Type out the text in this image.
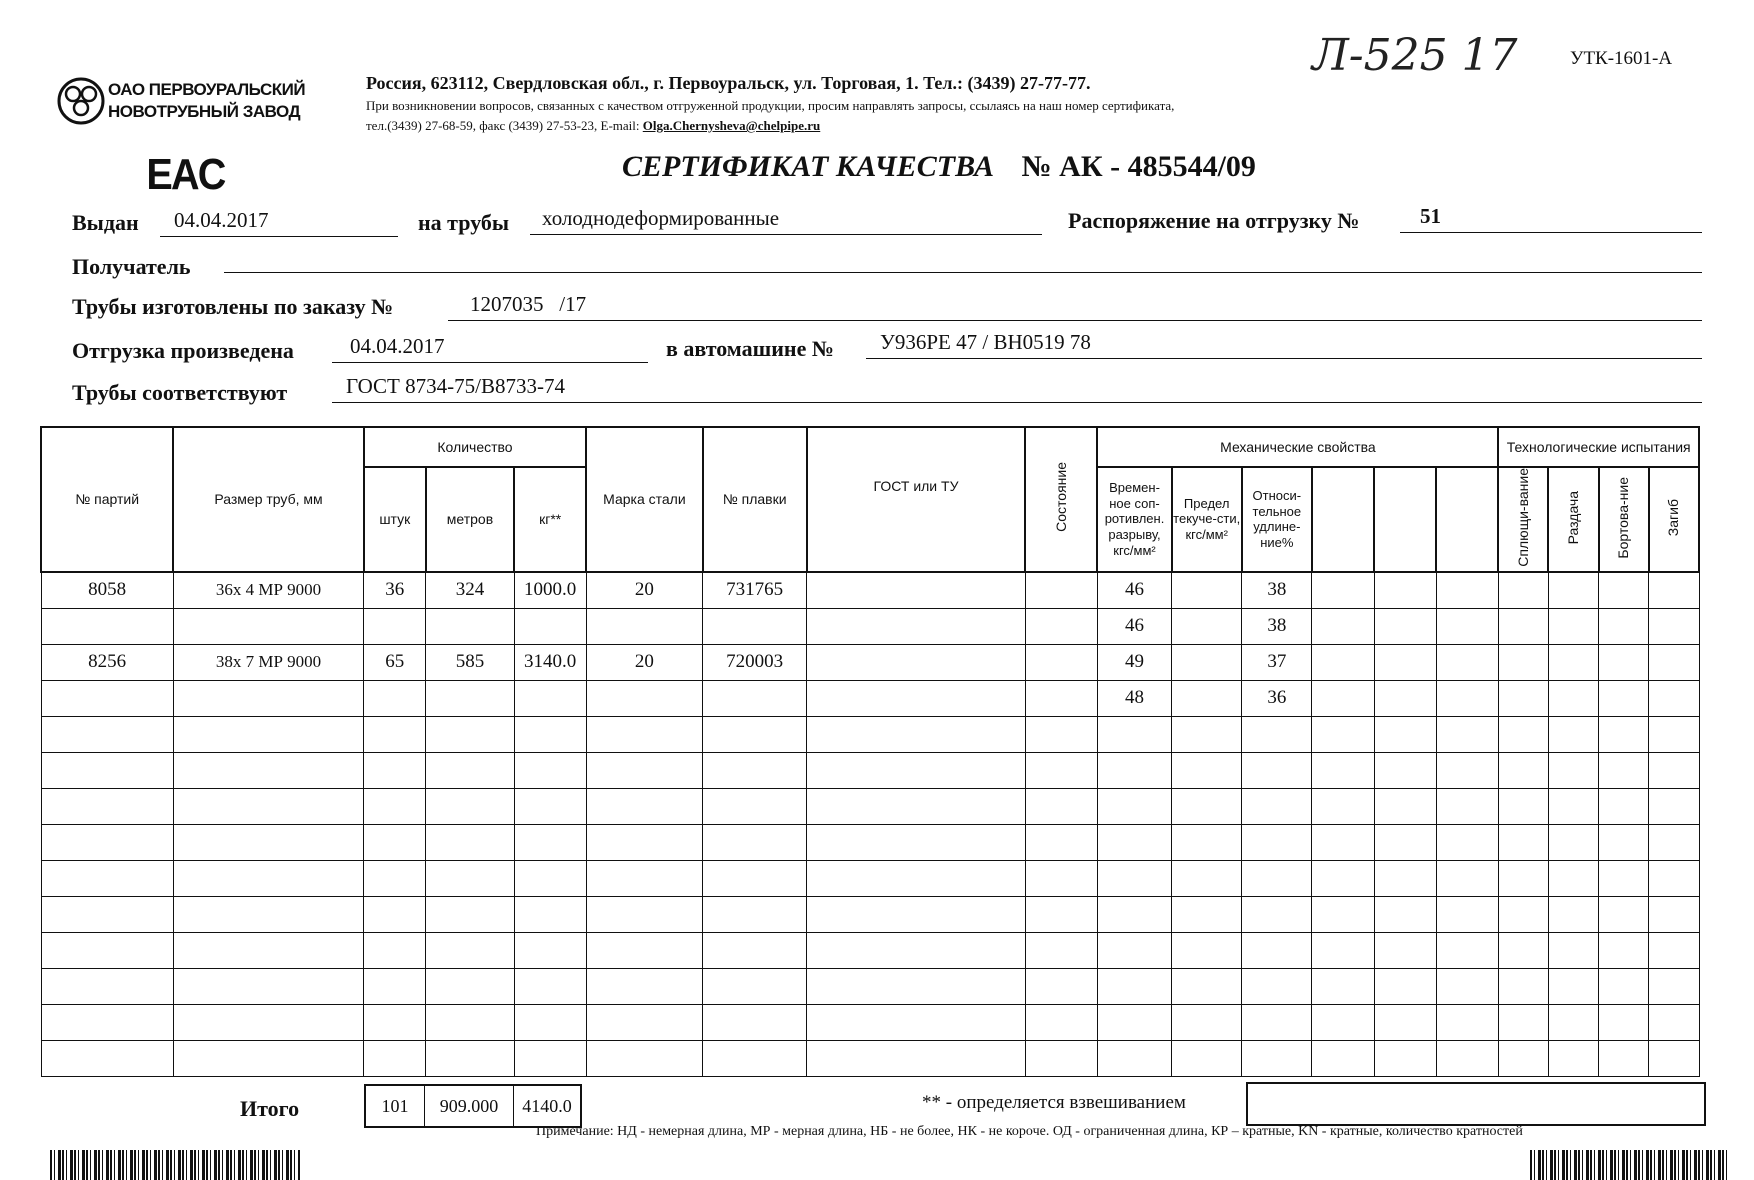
ОАО ПЕРВОУРАЛЬСКИЙ
НОВОТРУБНЫЙ ЗАВОД
Л-525 17	УТК-1601-А
Россия, 623112, Свердловская обл., г. Первоуральск, ул. Торговая, 1. Тел.: (3439) 27-77-77.
При возникновении вопросов, связанных с качеством отгруженной продукции, просим направлять запросы, ссылаясь на наш номер сертификата,
тел.(3439) 27-68-59, факс (3439) 27-53-23, E-mail: Olga.Chernysheva@chelpipe.ru
EAC	СЕРТИФИКАТ КАЧЕСТВА № АК - 485544/09
Выдан	04.04.2017	на трубы	холоднодеформированные	Распоряжение на отгрузку №	51
Получатель
Трубы изготовлены по заказу №	1207035   /17
Отгрузка произведена	04.04.2017	в автомашине №	У936РЕ 47 / ВН0519 78
Трубы соответствуют	ГОСТ 8734-75/В8733-74
№ партий	Размер труб, мм	Количество			Марка стали	№ плавки	ГОСТ или ТУ	Состояние	Механические свойства						Технологические испытания			
		штук	метров	кг**					Времен-ное соп-ротивлен. разрыву, кгс/мм²	Предел текуче-сти, кгс/мм²	Относи-тельное удлине-ние%				Сплющи-вание	Раздача	Бортова-ние	Загиб
8058	36х 4 МР 9000	36	324	1000.0	20	731765			46		38							
									46		38							
8256	38х 7 МР 9000	65	585	3140.0	20	720003			49		37							
									48		36							

Итого	101	909.000	4140.0	** - определяется взвешиванием
Примечание: НД - немерная длина, МР - мерная длина, НБ - не более, НК - не короче. ОД - ограниченная длина, КР – кратные, KN - кратные, количество кратностей
